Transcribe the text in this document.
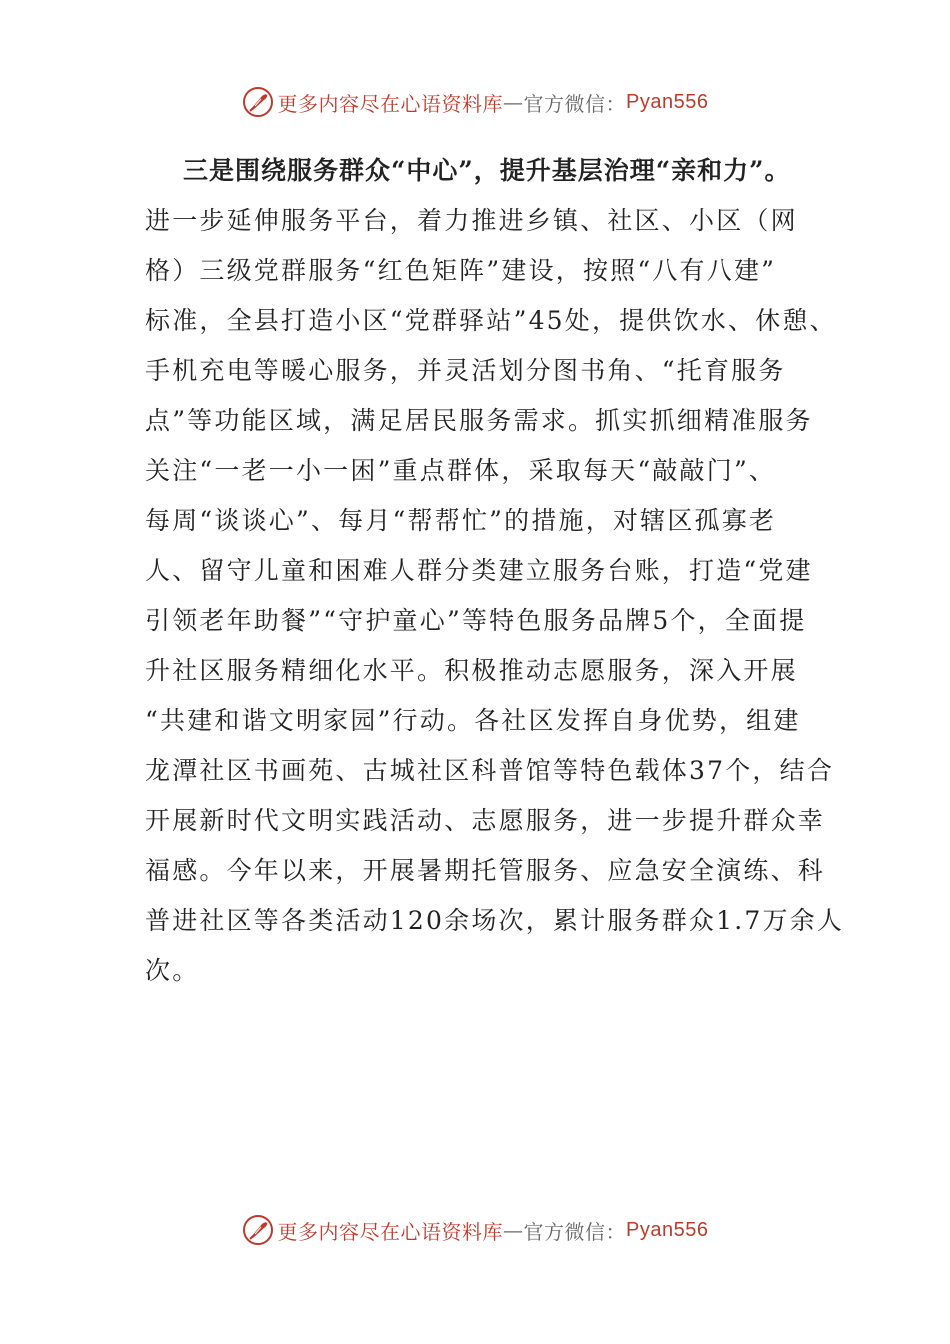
更多内容尽在心语资料库 — 官方微信： Pyan556
三是围绕服务群众“中心”，提升基层治理“亲和力”。
进一步延伸服务平台，着力推进乡镇、社区、小区（网
格）三级党群服务“红色矩阵”建设，按照“八有八建”
标准，全县打造小区“党群驿站”45处，提供饮水、休憩、
手机充电等暖心服务，并灵活划分图书角、“托育服务
点”等功能区域，满足居民服务需求。抓实抓细精准服务
关注“一老一小一困”重点群体，采取每天“敲敲门”、
每周“谈谈心”、每月“帮帮忙”的措施，对辖区孤寡老
人、留守儿童和困难人群分类建立服务台账，打造“党建
引领老年助餐”“守护童心”等特色服务品牌5个，全面提
升社区服务精细化水平。积极推动志愿服务，深入开展
“共建和谐文明家园”行动。各社区发挥自身优势，组建
龙潭社区书画苑、古城社区科普馆等特色载体37个，结合
开展新时代文明实践活动、志愿服务，进一步提升群众幸
福感。今年以来，开展暑期托管服务、应急安全演练、科
普进社区等各类活动120余场次，累计服务群众1.7万余人
次。
更多内容尽在心语资料库 — 官方微信： Pyan556
